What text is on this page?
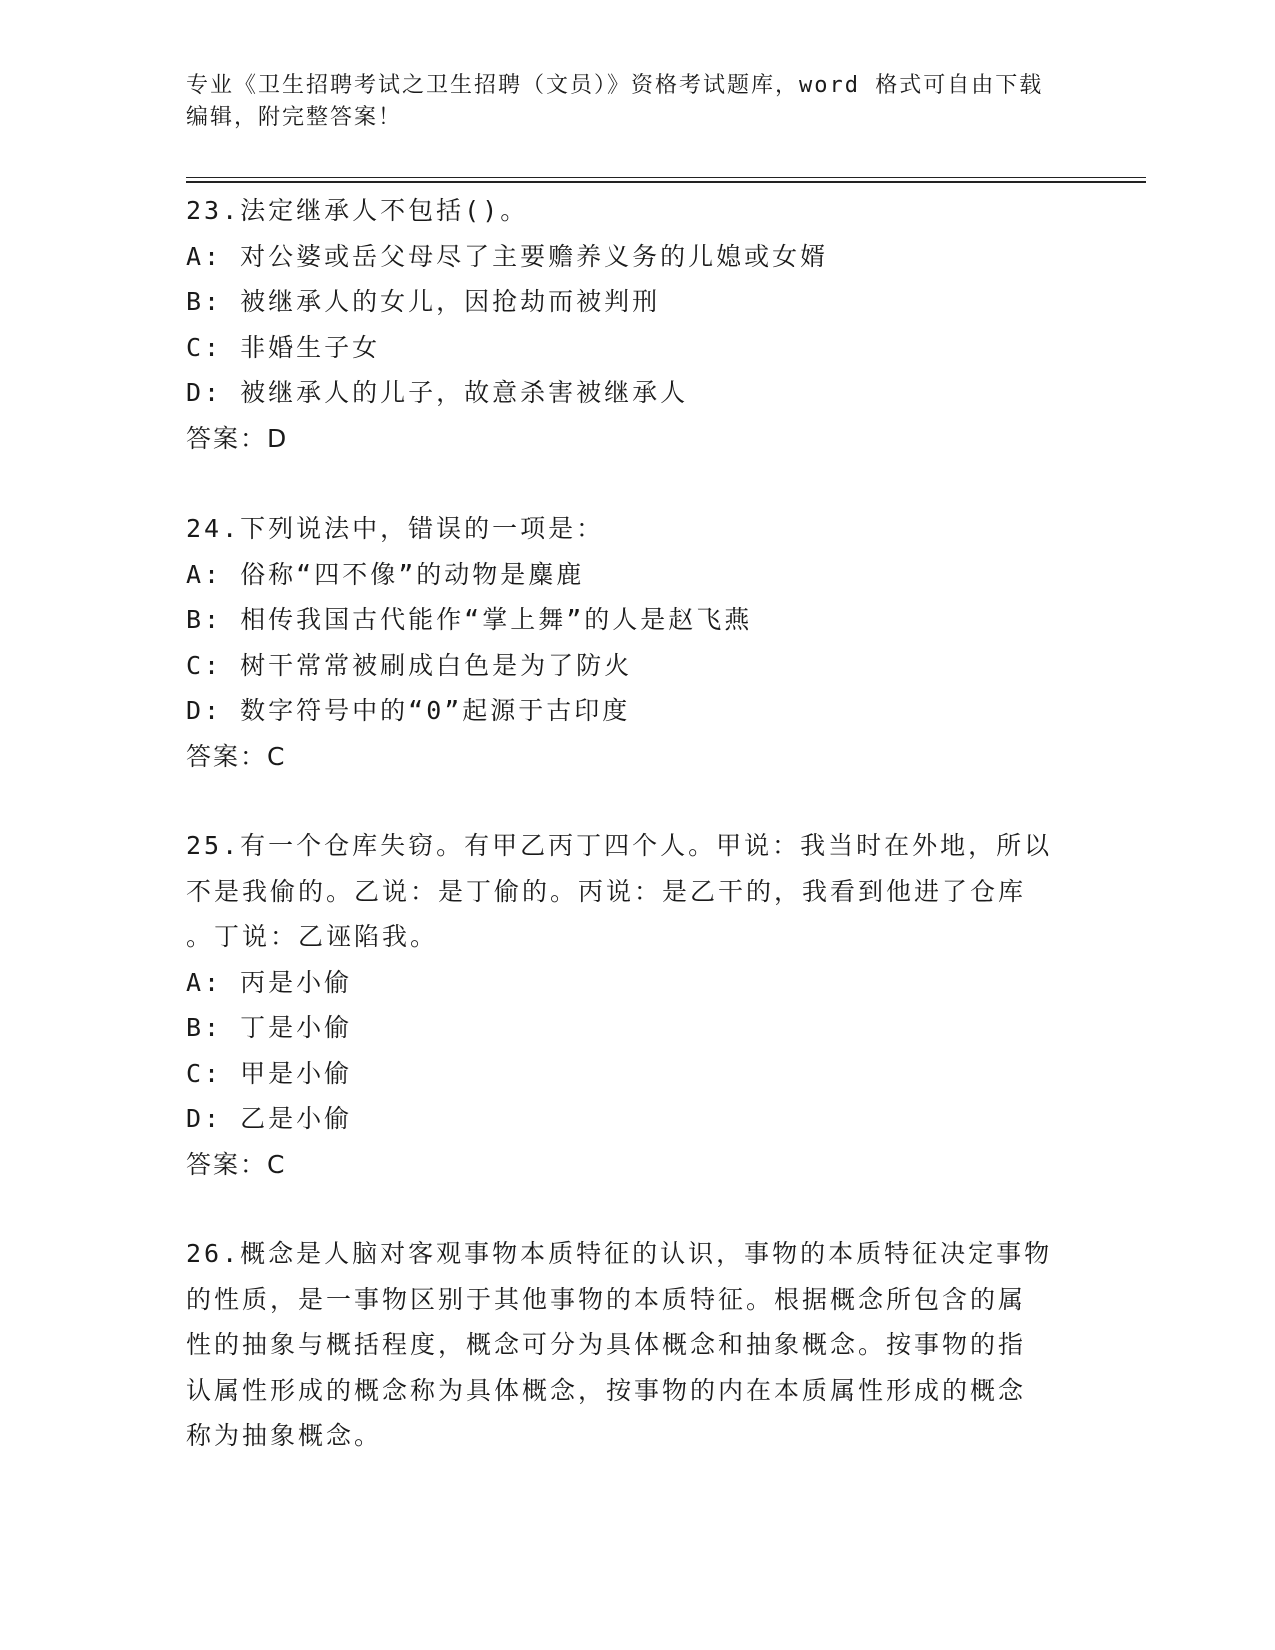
专业《卫生招聘考试之卫生招聘（文员）》资格考试题库，word 格式可自由下载
编辑，附完整答案！
23.法定继承人不包括()。
A: 对公婆或岳父母尽了主要赡养义务的儿媳或女婿
B: 被继承人的女儿，因抢劫而被判刑
C: 非婚生子女
D: 被继承人的儿子，故意杀害被继承人
答案：D
24.下列说法中，错误的一项是：
A: 俗称“四不像”的动物是麋鹿
B: 相传我国古代能作“掌上舞”的人是赵飞燕
C: 树干常常被刷成白色是为了防火
D: 数字符号中的“0”起源于古印度
答案：C
25.有一个仓库失窃。有甲乙丙丁四个人。甲说：我当时在外地，所以
不是我偷的。乙说：是丁偷的。丙说：是乙干的，我看到他进了仓库
。丁说：乙诬陷我。
A: 丙是小偷
B: 丁是小偷
C: 甲是小偷
D: 乙是小偷
答案：C
26.概念是人脑对客观事物本质特征的认识，事物的本质特征决定事物
的性质，是一事物区别于其他事物的本质特征。根据概念所包含的属
性的抽象与概括程度，概念可分为具体概念和抽象概念。按事物的指
认属性形成的概念称为具体概念，按事物的内在本质属性形成的概念
称为抽象概念。
